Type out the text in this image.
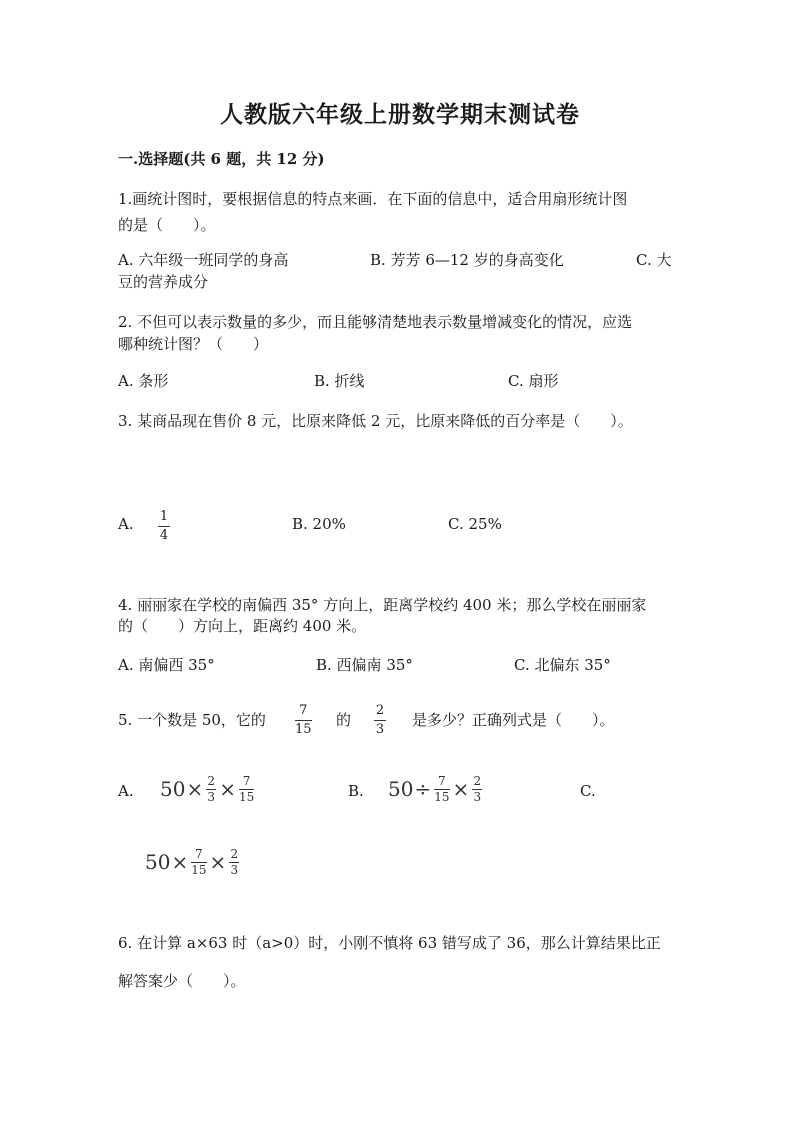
人教版六年级上册数学期末测试卷
一.选择题(共 6 题，共 12 分)
1.画统计图时，要根据信息的特点来画．在下面的信息中，适合用扇形统计图
的是（　　）。
A. 六年级一班同学的身高	B. 芳芳 6—12 岁的身高变化	C. 大
豆的营养成分
2. 不但可以表示数量的多少，而且能够清楚地表示数量增减变化的情况，应选
哪种统计图？（　　）
A. 条形	B. 折线	C. 扇形
3. 某商品现在售价 8 元，比原来降低 2 元，比原来降低的百分率是（　　）。
A. 1
4
B. 20%	C. 25%
4. 丽丽家在学校的南偏西 35° 方向上，距离学校约 400 米；那么学校在丽丽家
的（　　）方向上，距离约 400 米。
A. 南偏西 35°	B. 西偏南 35°	C. 北偏东 35°
5. 一个数是 50，它的
7
15
的
2
3
是多少？正确列式是（　　）。
A. $50 \times \frac{2}{3} \times \frac{7}{15}$	B. $50 \div \frac{7}{15} \times \frac{2}{3}$	C.
$50 \times \frac{7}{15} \times \frac{2}{3}$
6. 在计算 a×63 时（a>0）时，小刚不慎将 63 错写成了 36，那么计算结果比正
解答案少（　　）。
